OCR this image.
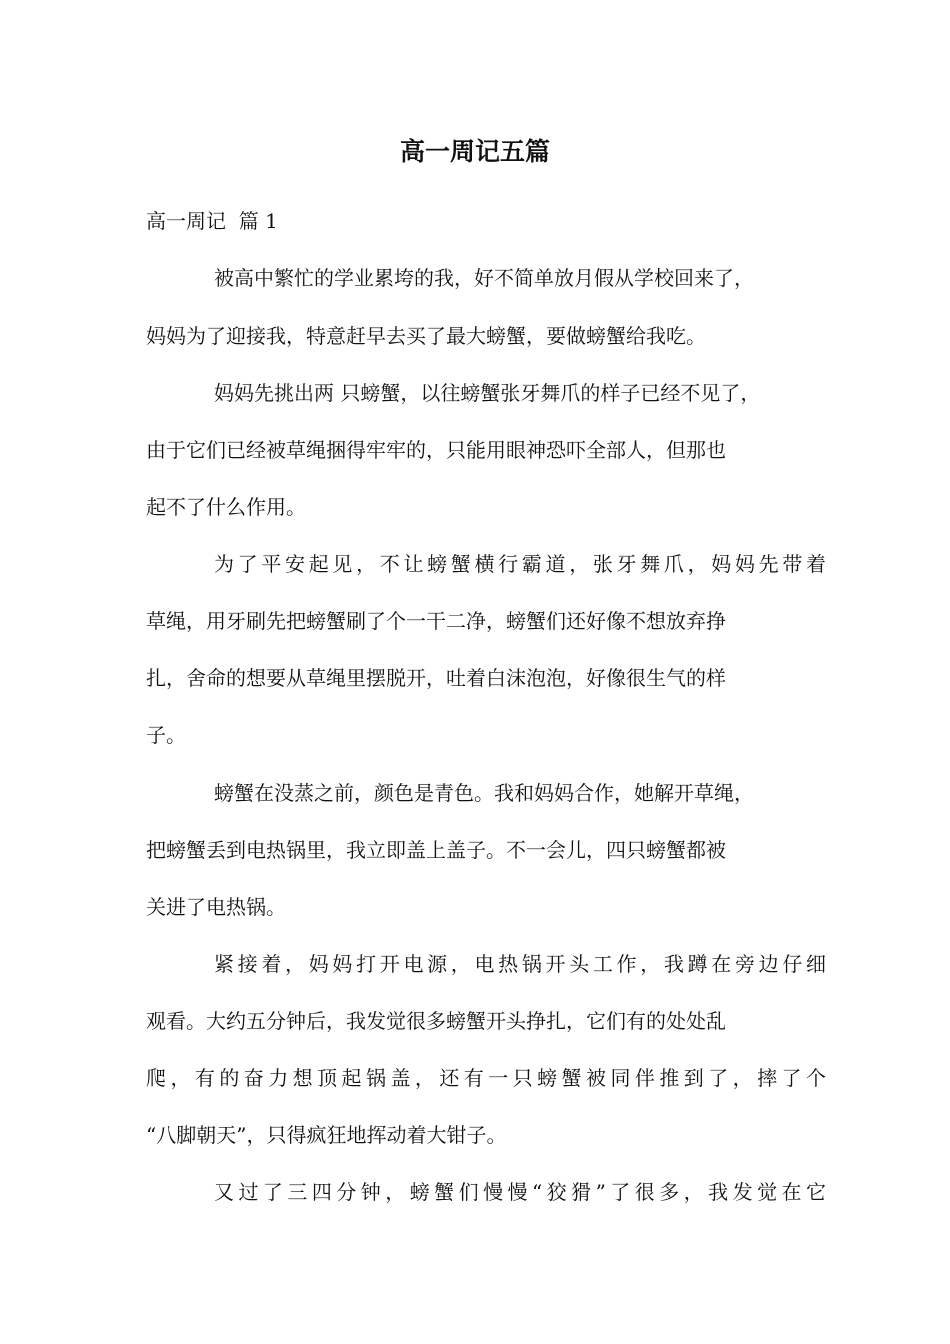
高一周记五篇
高一周记  篇 1
被高中繁忙的学业累垮的我，好不简单放月假从学校回来了，
妈妈为了迎接我，特意赶早去买了最大螃蟹，要做螃蟹给我吃。
妈妈先挑出两 只螃蟹，以往螃蟹张牙舞爪的样子已经不见了，
由于它们已经被草绳捆得牢牢的，只能用眼神恐吓全部人，但那也
起不了什么作用。
为了平安起见，不让螃蟹横行霸道，张牙舞爪，妈妈先带着
草绳，用牙刷先把螃蟹刷了个一干二净，螃蟹们还好像不想放弃挣
扎，舍命的想要从草绳里摆脱开，吐着白沫泡泡，好像很生气的样
子。
螃蟹在没蒸之前，颜色是青色。我和妈妈合作，她解开草绳，
把螃蟹丢到电热锅里，我立即盖上盖子。不一会儿，四只螃蟹都被
关进了电热锅。
紧接着，妈妈打开电源，电热锅开头工作，我蹲在旁边仔细
观看。大约五分钟后，我发觉很多螃蟹开头挣扎，它们有的处处乱
爬，有的奋力想顶起锅盖，还有一只螃蟹被同伴推到了，摔了个
“八脚朝天”，只得疯狂地挥动着大钳子。
又过了三四分钟，螃蟹们慢慢“狡猾”了很多，我发觉在它
